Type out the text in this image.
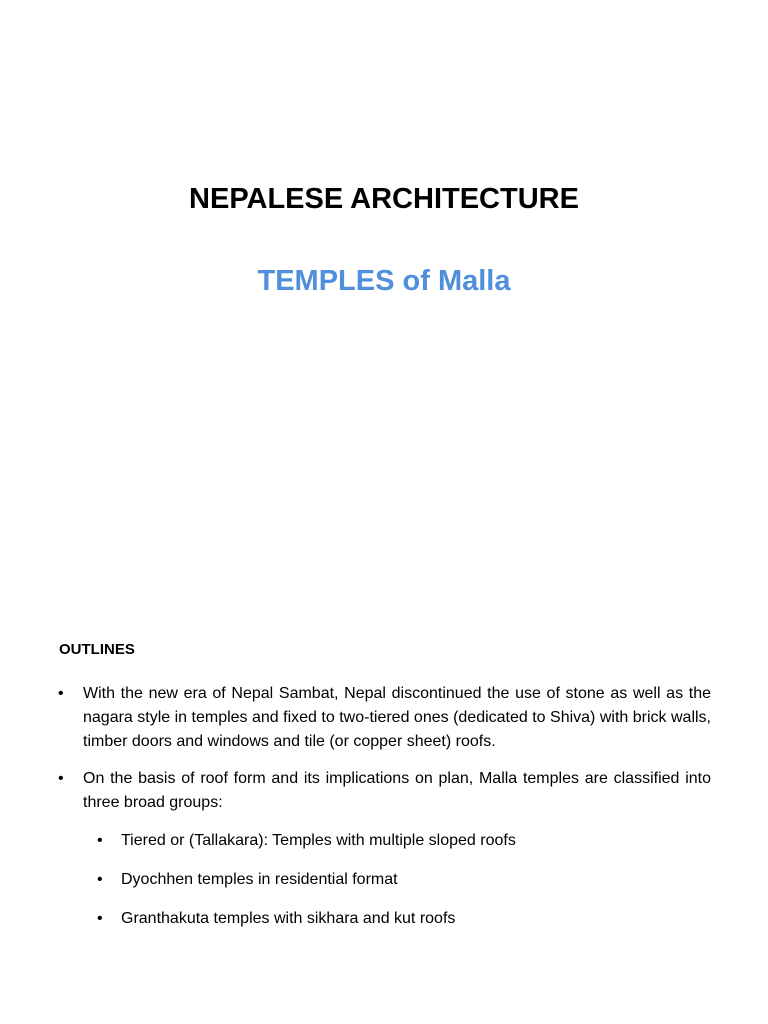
NEPALESE ARCHITECTURE
TEMPLES of Malla
OUTLINES
• With the new era of Nepal Sambat, Nepal discontinued the use of stone as well as the nagara style in temples and fixed to two-tiered ones (dedicated to Shiva) with brick walls, timber doors and windows and tile (or copper sheet) roofs.
• On the basis of roof form and its implications on plan, Malla temples are classified into three broad groups:
• Tiered or (Tallakara): Temples with multiple sloped roofs
• Dyochhen temples in residential format
• Granthakuta temples with sikhara and kut roofs
